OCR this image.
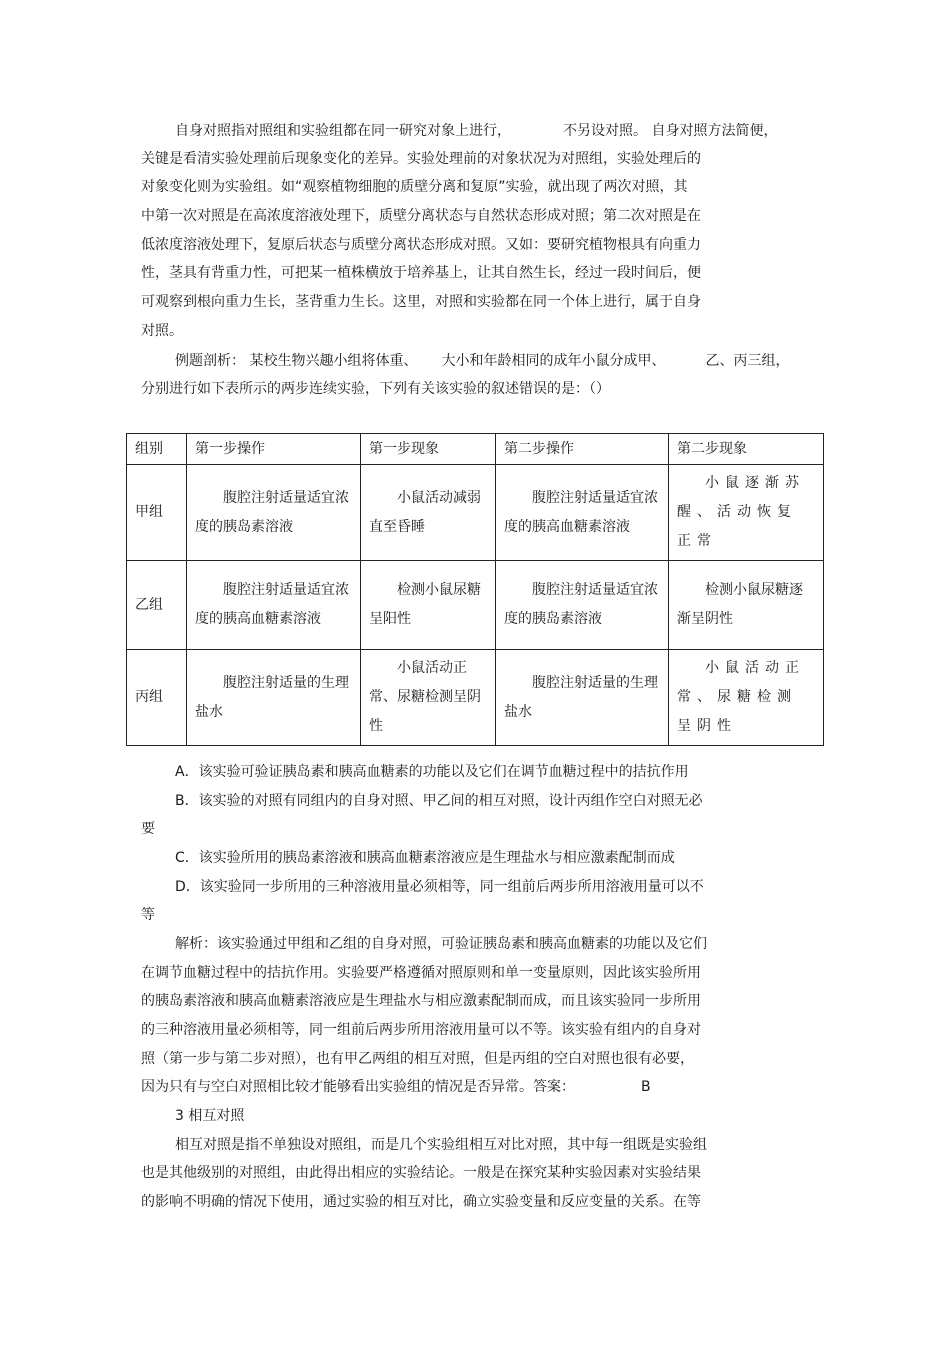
自身对照指对照组和实验组都在同一研究对象上进行，	不另设对照。 自身对照方法简便，
关键是看清实验处理前后现象变化的差异。实验处理前的对象状况为对照组，实验处理后的
对象变化则为实验组。如“观察植物细胞的质壁分离和复原”实验，就出现了两次对照，其
中第一次对照是在高浓度溶液处理下，质壁分离状态与自然状态形成对照；第二次对照是在
低浓度溶液处理下，复原后状态与质壁分离状态形成对照。又如：要研究植物根具有向重力
性，茎具有背重力性，可把某一植株横放于培养基上，让其自然生长，经过一段时间后，便
可观察到根向重力生长，茎背重力生长。这里，对照和实验都在同一个体上进行，属于自身
对照。
例题剖析： 某校生物兴趣小组将体重、 大小和年龄相同的成年小鼠分成甲、	乙、丙三组，
分别进行如下表所示的两步连续实验，下列有关该实验的叙述错误的是：（）
组别	第一步操作	第一步现象	第二步操作	第二步现象
甲组	腹腔注射适量适宜浓度的胰岛素溶液	小鼠活动减弱直至昏睡	腹腔注射适量适宜浓度的胰高血糖素溶液	小鼠逐渐苏醒、活动恢复正常
乙组	腹腔注射适量适宜浓度的胰高血糖素溶液	检测小鼠尿糖呈阳性	腹腔注射适量适宜浓度的胰岛素溶液	检测小鼠尿糖逐渐呈阴性
丙组	腹腔注射适量的生理盐水	小鼠活动正常、尿糖检测呈阴性	腹腔注射适量的生理盐水	小鼠活动正常、尿糖检测呈阴性
A．该实验可验证胰岛素和胰高血糖素的功能以及它们在调节血糖过程中的拮抗作用
B．该实验的对照有同组内的自身对照、甲乙间的相互对照，设计丙组作空白对照无必
要
C．该实验所用的胰岛素溶液和胰高血糖素溶液应是生理盐水与相应激素配制而成
D．该实验同一步所用的三种溶液用量必须相等，同一组前后两步所用溶液用量可以不
等
解析：该实验通过甲组和乙组的自身对照，可验证胰岛素和胰高血糖素的功能以及它们
在调节血糖过程中的拮抗作用。实验要严格遵循对照原则和单一变量原则，因此该实验所用
的胰岛素溶液和胰高血糖素溶液应是生理盐水与相应激素配制而成，而且该实验同一步所用
的三种溶液用量必须相等，同一组前后两步所用溶液用量可以不等。该实验有组内的自身对
照（第一步与第二步对照），也有甲乙两组的相互对照，但是丙组的空白对照也很有必要，
因为只有与空白对照相比较才能够看出实验组的情况是否异常。答案：	B
3 相互对照
相互对照是指不单独设对照组，而是几个实验组相互对比对照，其中每一组既是实验组
也是其他级别的对照组，由此得出相应的实验结论。一般是在探究某种实验因素对实验结果
的影响不明确的情况下使用，通过实验的相互对比，确立实验变量和反应变量的关系。在等
